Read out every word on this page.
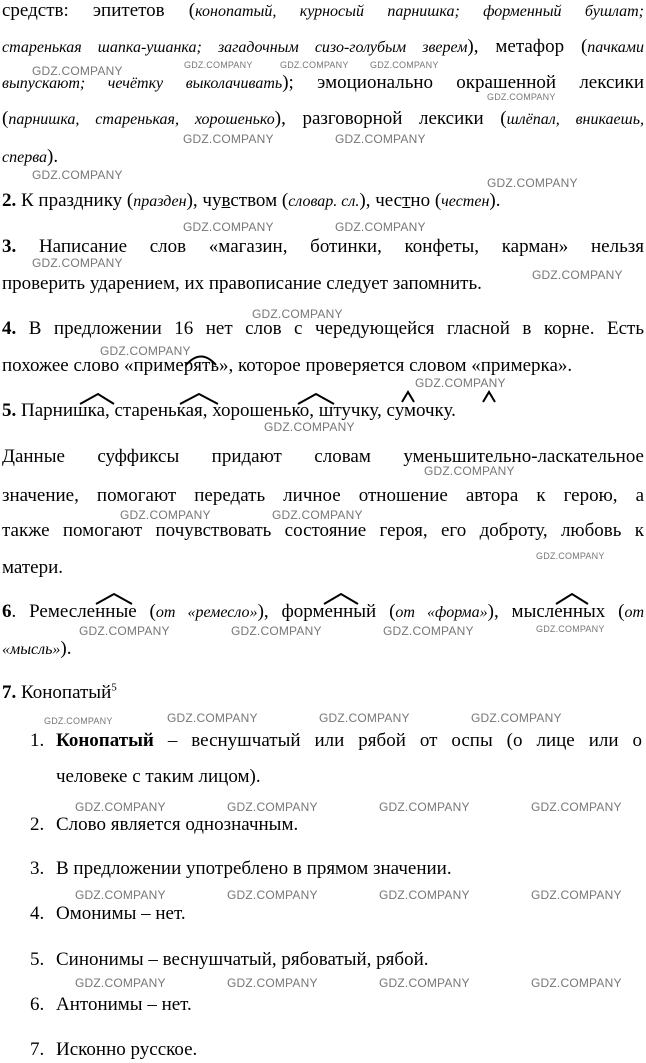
средств: эпитетов (конопатый, курносый парнишка; форменный бушлат;
старенькая шапка-ушанка; загадочным сизо-голубым зверем), метафор (пачками
выпускают; чечётку выколачивать); эмоционально окрашенной лексики
(парнишка, старенькая, хорошенько), разговорной лексики (шлёпал, вникаешь,
сперва).
2. К празднику (празден), чувством (словар. сл.), честно (честен).
3. Написание слов «магазин, ботинки, конфеты, карман» нельзя
проверить ударением, их правописание следует запомнить.
4. В предложении 16 нет слов с чередующейся гласной в корне. Есть
похожее слово «примерять», которое проверяется словом «примерка».
5. Парнишка, старенькая, хорошенько, штучку, сумочку.
Данные суффиксы придают словам уменьшительно-ласкательное
значение, помогают передать личное отношение автора к герою, а
также помогают почувствовать состояние героя, его доброту, любовь к
матери.
6. Ремесленные (от «ремесло»), форменный (от «форма»), мысленных (от
«мысль»).
7. Конопатый$^5$
1. Конопатый – веснушчатый или рябой от оспы (о лице или о
человеке с таким лицом).
2. Слово является однозначным.
3. В предложении употреблено в прямом значении.
4. Омонимы – нет.
5. Синонимы – веснушчатый, рябоватый, рябой.
6. Антонимы – нет.
7. Исконно русское.
GDZ.COMPANY	GDZ.COMPANY GDZ.COMPANY
GDZ.COMPANY
GDZ.COMPANY
GDZ.COMPANY	GDZ.COMPANY
GDZ.COMPANY
GDZ.COMPANY
GDZ.COMPANY	GDZ.COMPANY
GDZ.COMPANY
GDZ.COMPANY
GDZ.COMPANY
GDZ.COMPANY
GDZ.COMPANY
GDZ.COMPANY
GDZ.COMPANY
GDZ.COMPANY	GDZ.COMPANY
GDZ.COMPANY
GDZ.COMPANY	GDZ.COMPANY	GDZ.COMPANY	GDZ.COMPANY
GDZ.COMPANY	GDZ.COMPANY	GDZ.COMPANY	GDZ.COMPANY
GDZ.COMPANY	GDZ.COMPANY	GDZ.COMPANY	GDZ.COMPANY
GDZ.COMPANY	GDZ.COMPANY	GDZ.COMPANY	GDZ.COMPANY
GDZ.COMPANY	GDZ.COMPANY	GDZ.COMPANY	GDZ.COMPANY
